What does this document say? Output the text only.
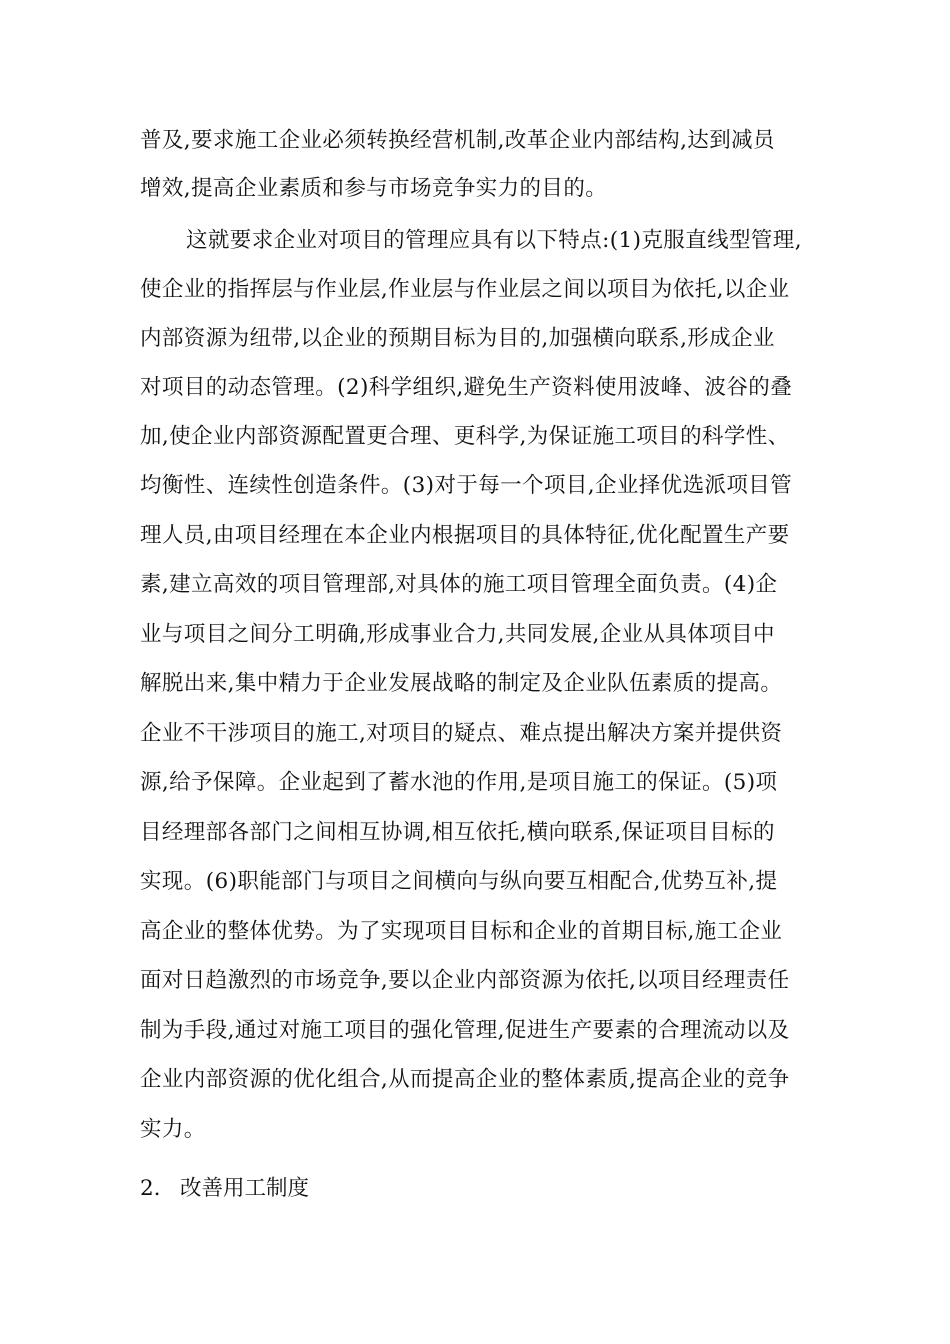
普及,要求施工企业必须转换经营机制,改革企业内部结构,达到减员
增效,提高企业素质和参与市场竞争实力的目的。
这就要求企业对项目的管理应具有以下特点:(1)克服直线型管理,
使企业的指挥层与作业层,作业层与作业层之间以项目为依托,以企业
内部资源为纽带,以企业的预期目标为目的,加强横向联系,形成企业
对项目的动态管理。(2)科学组织,避免生产资料使用波峰、波谷的叠
加,使企业内部资源配置更合理、更科学,为保证施工项目的科学性、
均衡性、连续性创造条件。(3)对于每一个项目,企业择优选派项目管
理人员,由项目经理在本企业内根据项目的具体特征,优化配置生产要
素,建立高效的项目管理部,对具体的施工项目管理全面负责。(4)企
业与项目之间分工明确,形成事业合力,共同发展,企业从具体项目中
解脱出来,集中精力于企业发展战略的制定及企业队伍素质的提高。
企业不干涉项目的施工,对项目的疑点、难点提出解决方案并提供资
源,给予保障。企业起到了蓄水池的作用,是项目施工的保证。(5)项
目经理部各部门之间相互协调,相互依托,横向联系,保证项目目标的
实现。(6)职能部门与项目之间横向与纵向要互相配合,优势互补,提
高企业的整体优势。为了实现项目目标和企业的首期目标,施工企业
面对日趋激烈的市场竞争,要以企业内部资源为依托,以项目经理责任
制为手段,通过对施工项目的强化管理,促进生产要素的合理流动以及
企业内部资源的优化组合,从而提高企业的整体素质,提高企业的竞争
实力。
2. 改善用工制度
